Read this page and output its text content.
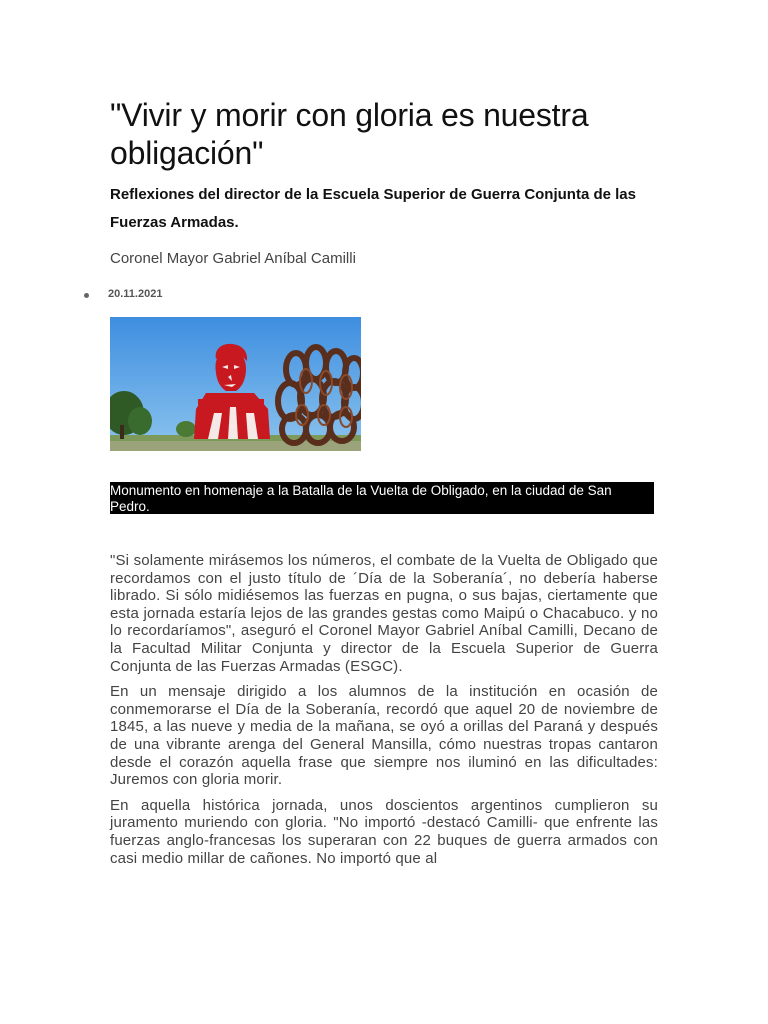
"Vivir y morir con gloria es nuestra obligación"
Reflexiones del director de la Escuela Superior de Guerra Conjunta de las Fuerzas Armadas.

Coronel Mayor Gabriel Aníbal Camilli

20.11.2021
Monumento en homenaje a la Batalla de la Vuelta de Obligado, en la ciudad de San Pedro.

"Si solamente mirásemos los números, el combate de la Vuelta de Obligado que recordamos con el justo título de ´Día de la Soberanía´, no debería haberse librado. Si sólo midiésemos las fuerzas en pugna, o sus bajas, ciertamente que esta jornada estaría lejos de las grandes gestas como Maipú o Chacabuco. y no lo recordaríamos", aseguró el Coronel Mayor Gabriel Aníbal Camilli, Decano de la Facultad Militar Conjunta y director de la Escuela Superior de Guerra Conjunta de las Fuerzas Armadas (ESGC).

En un mensaje dirigido a los alumnos de la institución en ocasión de conmemorarse el Día de la Soberanía, recordó que aquel 20 de noviembre de 1845, a las nueve y media de la mañana, se oyó a orillas del Paraná y después de una vibrante arenga del General Mansilla, cómo nuestras tropas cantaron desde el corazón aquella frase que siempre nos iluminó en las dificultades: Juremos con gloria morir.

En aquella histórica jornada, unos doscientos argentinos cumplieron su juramento muriendo con gloria. "No importó -destacó Camilli- que enfrente las fuerzas anglo-francesas los superaran con 22 buques de guerra armados con casi medio millar de cañones. No importó que al
